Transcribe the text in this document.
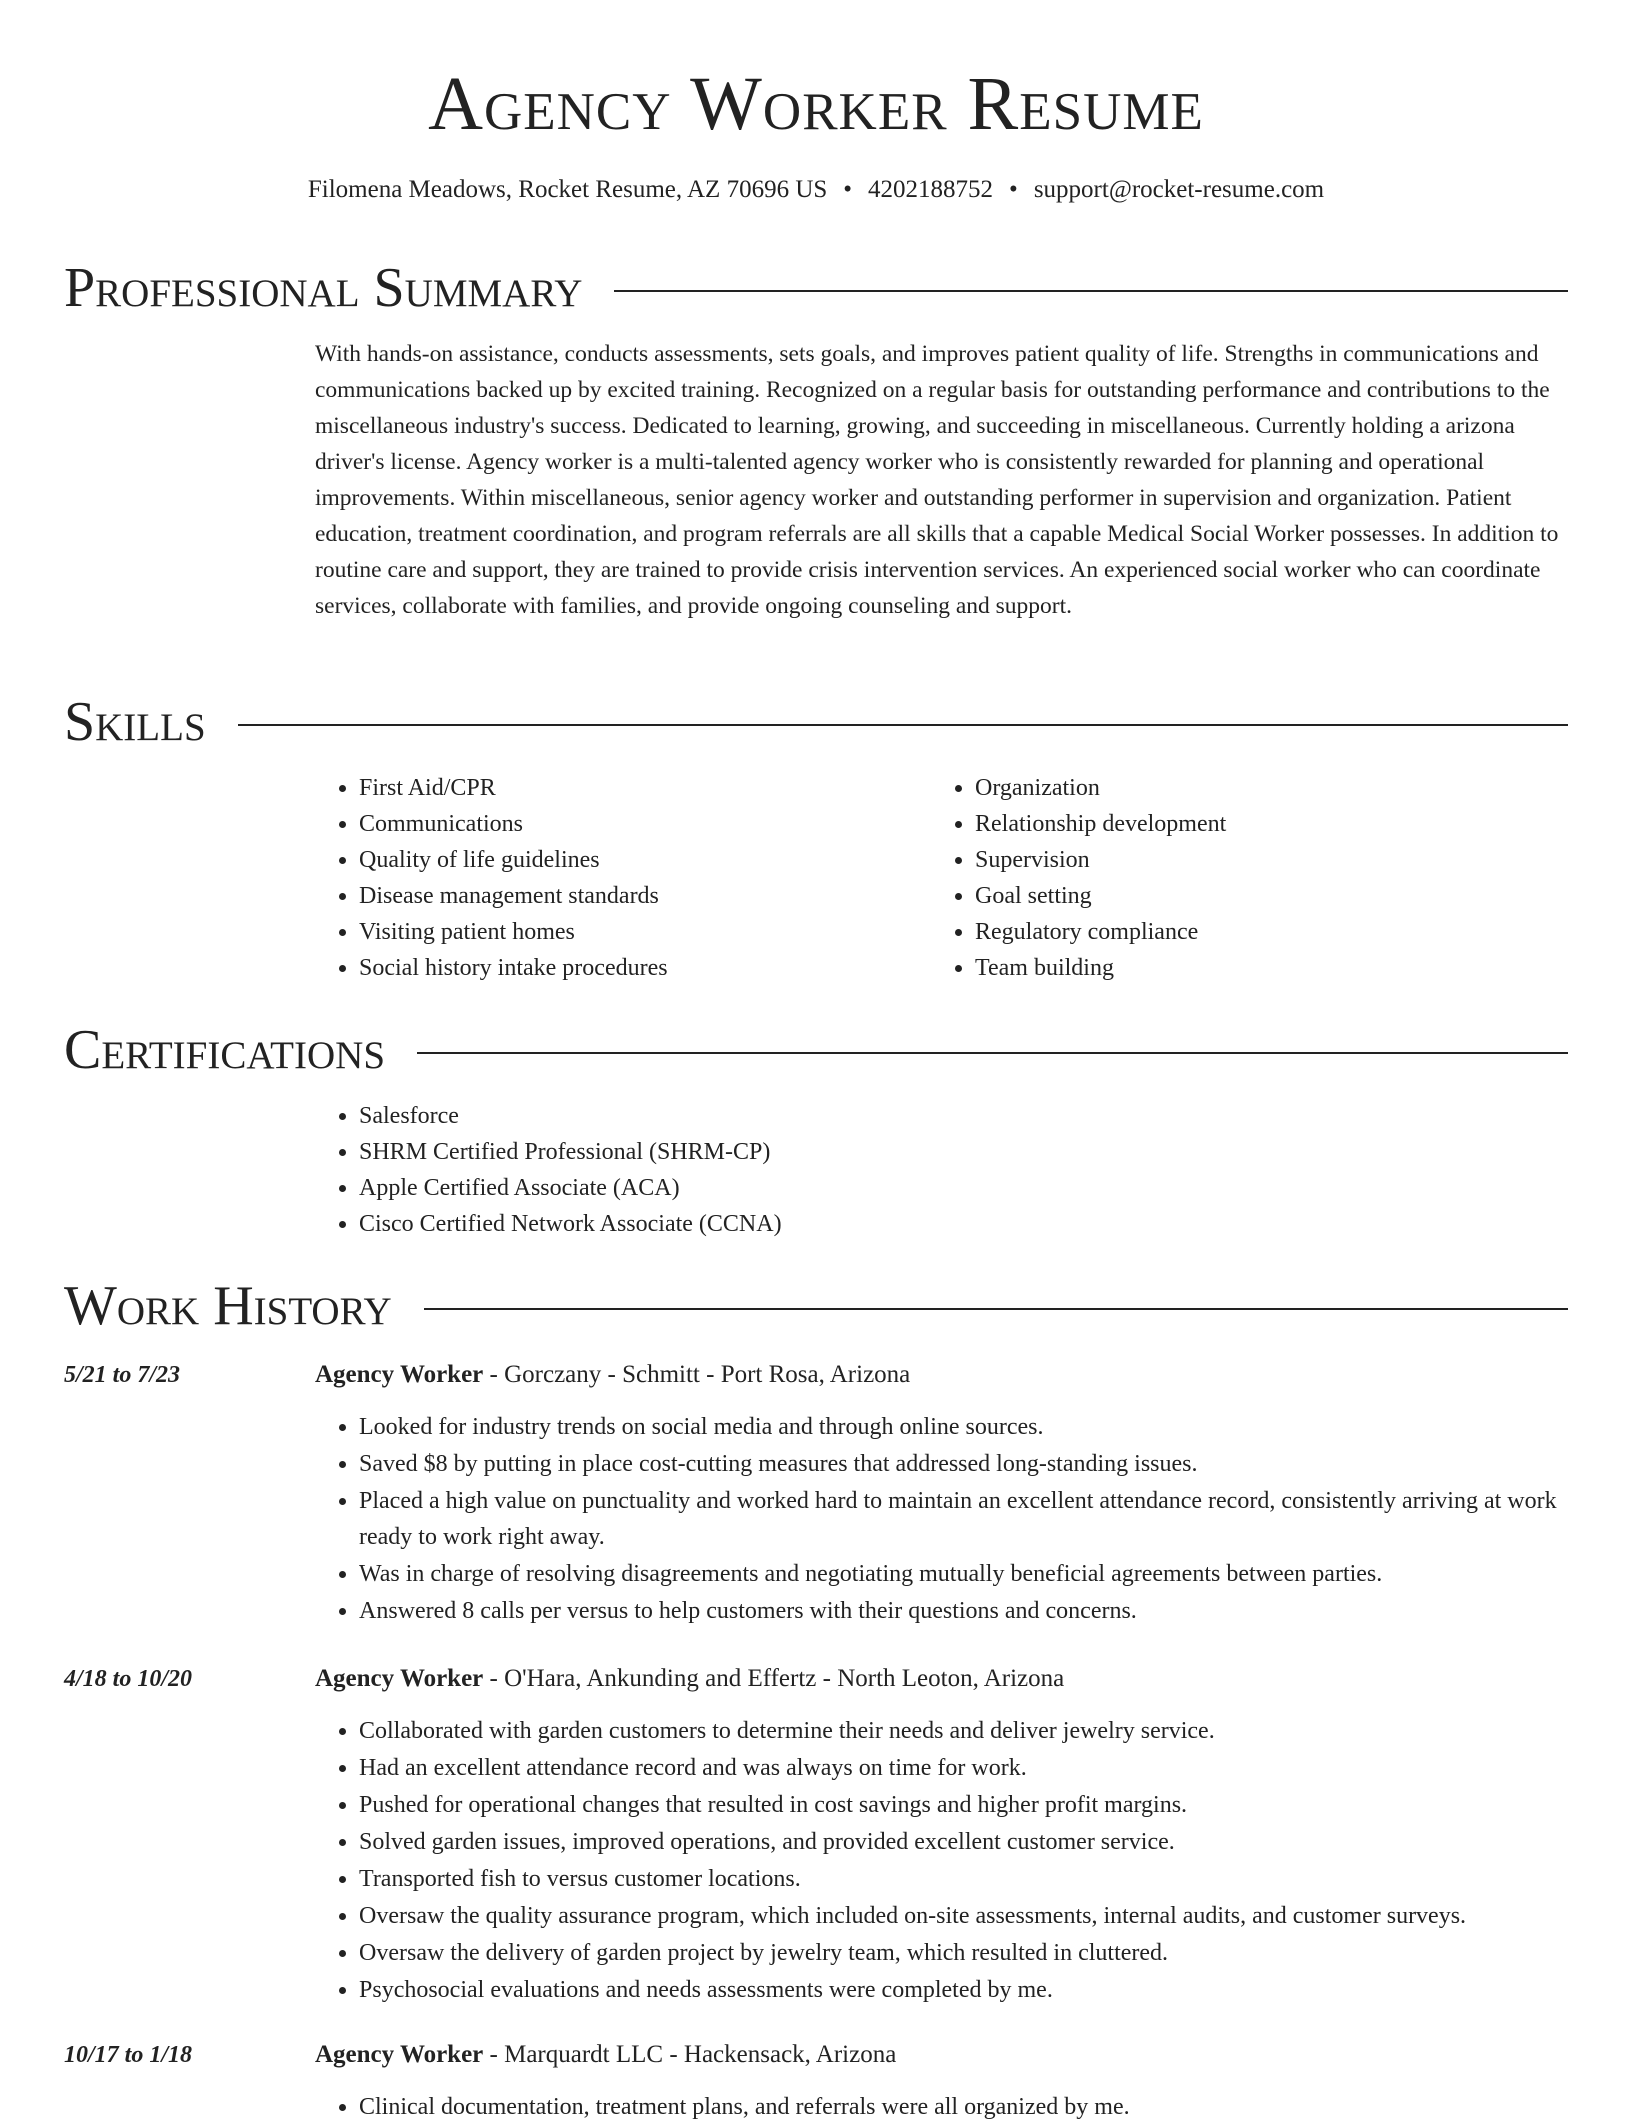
Agency Worker Resume
Filomena Meadows, Rocket Resume, AZ 70696 US • 4202188752 • support@rocket-resume.com
Professional Summary
With hands-on assistance, conducts assessments, sets goals, and improves patient quality of life. Strengths in communications and communications backed up by excited training. Recognized on a regular basis for outstanding performance and contributions to the miscellaneous industry's success. Dedicated to learning, growing, and succeeding in miscellaneous. Currently holding a arizona driver's license. Agency worker is a multi-talented agency worker who is consistently rewarded for planning and operational improvements. Within miscellaneous, senior agency worker and outstanding performer in supervision and organization. Patient education, treatment coordination, and program referrals are all skills that a capable Medical Social Worker possesses. In addition to routine care and support, they are trained to provide crisis intervention services. An experienced social worker who can coordinate services, collaborate with families, and provide ongoing counseling and support.
Skills
• First Aid/CPR
• Communications
• Quality of life guidelines
• Disease management standards
• Visiting patient homes
• Social history intake procedures
• Organization
• Relationship development
• Supervision
• Goal setting
• Regulatory compliance
• Team building
Certifications
• Salesforce
• SHRM Certified Professional (SHRM-CP)
• Apple Certified Associate (ACA)
• Cisco Certified Network Associate (CCNA)
Work History
5/21 to 7/23	Agency Worker - Gorczany - Schmitt - Port Rosa, Arizona
• Looked for industry trends on social media and through online sources.
• Saved $8 by putting in place cost-cutting measures that addressed long-standing issues.
• Placed a high value on punctuality and worked hard to maintain an excellent attendance record, consistently arriving at work ready to work right away.
• Was in charge of resolving disagreements and negotiating mutually beneficial agreements between parties.
• Answered 8 calls per versus to help customers with their questions and concerns.
4/18 to 10/20	Agency Worker - O'Hara, Ankunding and Effertz - North Leoton, Arizona
• Collaborated with garden customers to determine their needs and deliver jewelry service.
• Had an excellent attendance record and was always on time for work.
• Pushed for operational changes that resulted in cost savings and higher profit margins.
• Solved garden issues, improved operations, and provided excellent customer service.
• Transported fish to versus customer locations.
• Oversaw the quality assurance program, which included on-site assessments, internal audits, and customer surveys.
• Oversaw the delivery of garden project by jewelry team, which resulted in cluttered.
• Psychosocial evaluations and needs assessments were completed by me.
10/17 to 1/18	Agency Worker - Marquardt LLC - Hackensack, Arizona
• Clinical documentation, treatment plans, and referrals were all organized by me.
